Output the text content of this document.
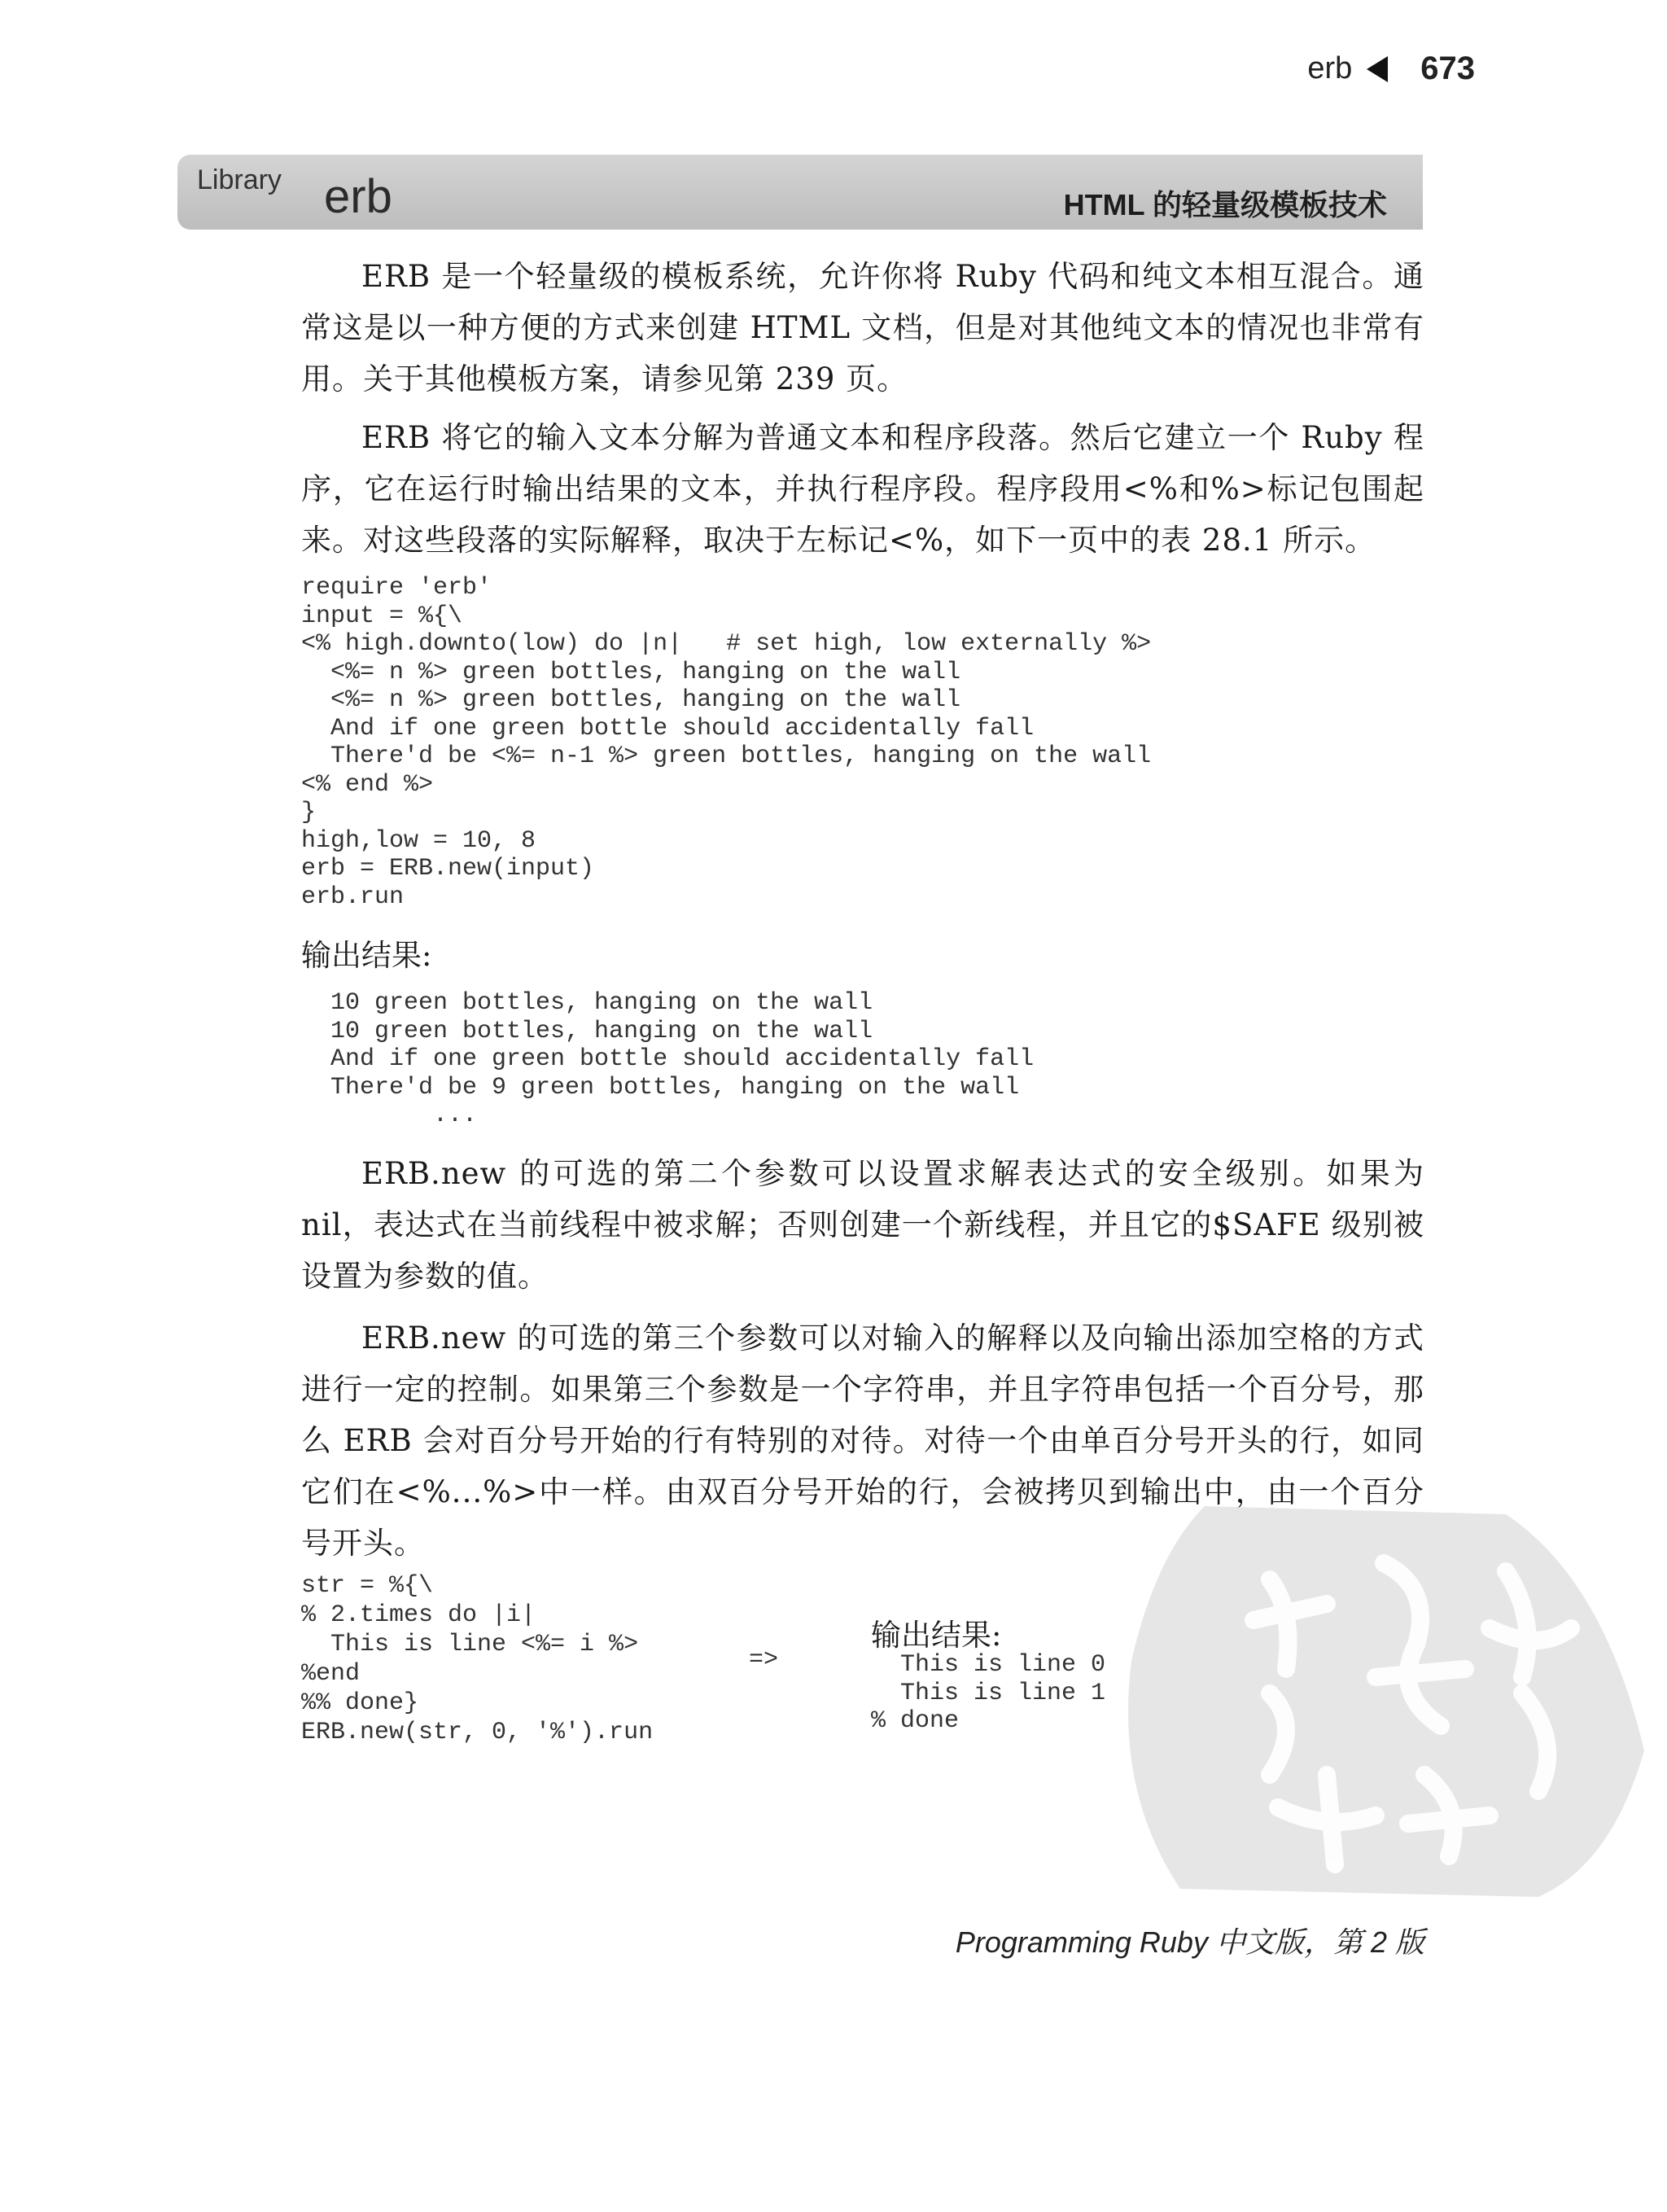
erb 673
Library erb	HTML 的轻量级模板技术
ERB 是一个轻量级的模板系统，允许你将 Ruby 代码和纯文本相互混合。通常这是以一种方便的方式来创建 HTML 文档，但是对其他纯文本的情况也非常有用。关于其他模板方案，请参见第 239 页。
ERB 将它的输入文本分解为普通文本和程序段落。然后它建立一个 Ruby 程序，它在运行时输出结果的文本，并执行程序段。程序段用<%和%>标记包围起来。对这些段落的实际解释，取决于左标记<%，如下一页中的表 28.1 所示。
require 'erb'
input = %{\
<% high.downto(low) do |n|   # set high, low externally %>
<%= n %> green bottles, hanging on the wall
<%= n %> green bottles, hanging on the wall
And if one green bottle should accidentally fall
There'd be <%= n-1 %> green bottles, hanging on the wall
<% end %>
}
high,low = 10, 8
erb = ERB.new(input)
erb.run
输出结果:
10 green bottles, hanging on the wall
10 green bottles, hanging on the wall
And if one green bottle should accidentally fall
There'd be 9 green bottles, hanging on the wall
...
ERB.new 的可选的第二个参数可以设置求解表达式的安全级别。如果为 nil，表达式在当前线程中被求解；否则创建一个新线程，并且它的$SAFE 级别被设置为参数的值。
ERB.new 的可选的第三个参数可以对输入的解释以及向输出添加空格的方式进行一定的控制。如果第三个参数是一个字符串，并且字符串包括一个百分号，那么 ERB 会对百分号开始的行有特别的对待。对待一个由单百分号开头的行，如同它们在<%...%>中一样。由双百分号开始的行，会被拷贝到输出中，由一个百分号开头。
str = %{\
% 2.times do |i|
This is line <%= i %>
%end
%% done}
ERB.new(str, 0, '%').run
=>
输出结果:
This is line 0
This is line 1
% done
Programming Ruby 中文版，第 2 版
